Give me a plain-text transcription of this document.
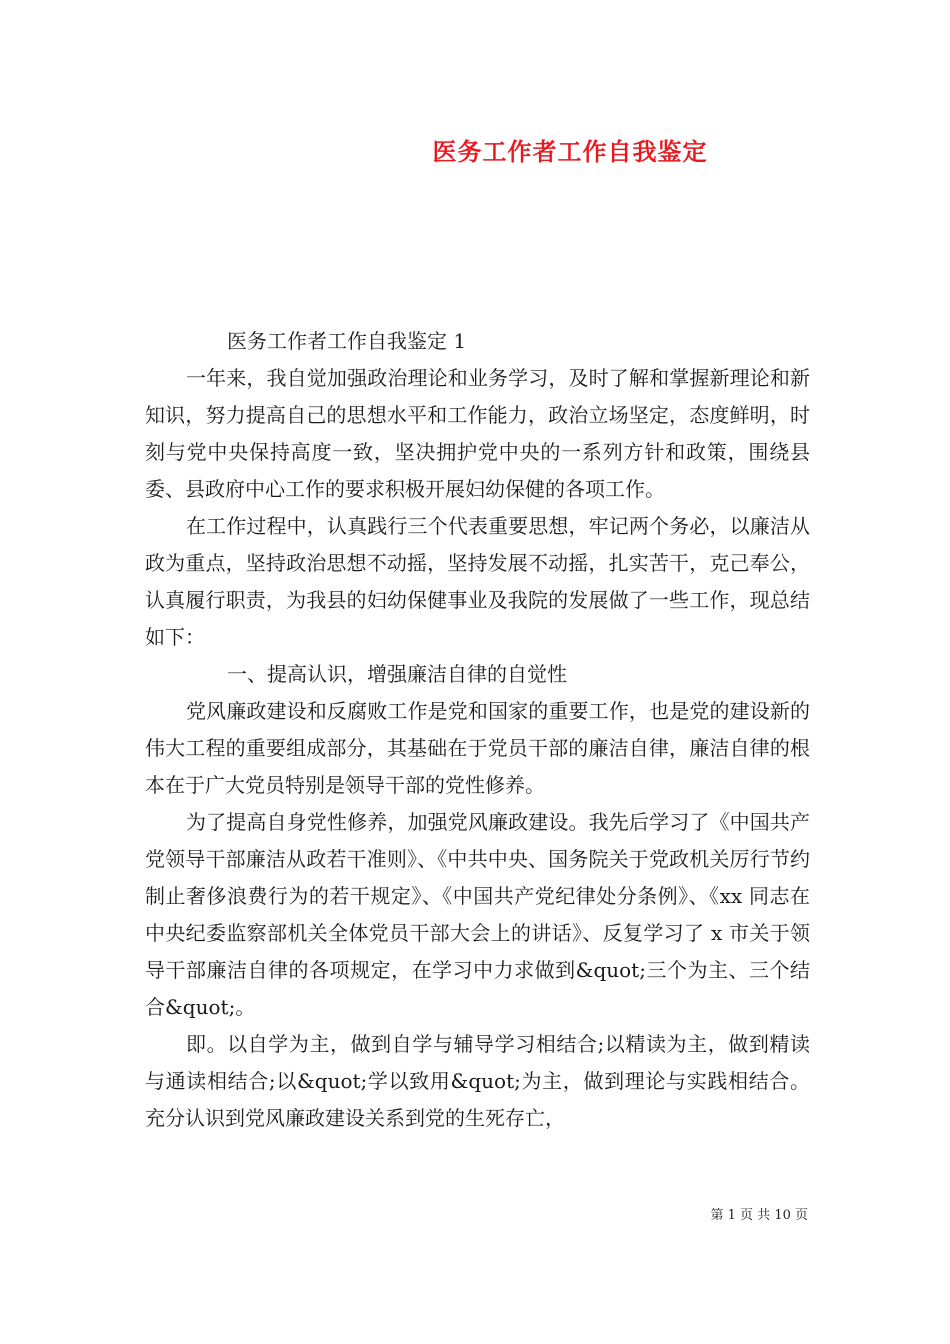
医务工作者工作自我鉴定

医务工作者工作自我鉴定 1

一年来，我自觉加强政治理论和业务学习，及时了解和掌握新理论和新知识，努力提高自己的思想水平和工作能力，政治立场坚定，态度鲜明，时刻与党中央保持高度一致，坚决拥护党中央的一系列方针和政策，围绕县委、县政府中心工作的要求积极开展妇幼保健的各项工作。

在工作过程中，认真践行三个代表重要思想，牢记两个务必，以廉洁从政为重点，坚持政治思想不动摇，坚持发展不动摇，扎实苦干，克己奉公，认真履行职责，为我县的妇幼保健事业及我院的发展做了一些工作，现总结如下：

一、提高认识，增强廉洁自律的自觉性

党风廉政建设和反腐败工作是党和国家的重要工作，也是党的建设新的伟大工程的重要组成部分，其基础在于党员干部的廉洁自律，廉洁自律的根本在于广大党员特别是领导干部的党性修养。

为了提高自身党性修养，加强党风廉政建设。我先后学习了《中国共产党领导干部廉洁从政若干准则》、《中共中央、国务院关于党政机关厉行节约制止奢侈浪费行为的若干规定》、《中国共产党纪律处分条例》、《xx 同志在中央纪委监察部机关全体党员干部大会上的讲话》、反复学习了 x 市关于领导干部廉洁自律的各项规定，在学习中力求做到&quot;三个为主、三个结合&quot;。

即。以自学为主，做到自学与辅导学习相结合;以精读为主，做到精读与通读相结合;以&quot;学以致用&quot;为主，做到理论与实践相结合。充分认识到党风廉政建设关系到党的生死存亡，

第 1 页 共 10 页
